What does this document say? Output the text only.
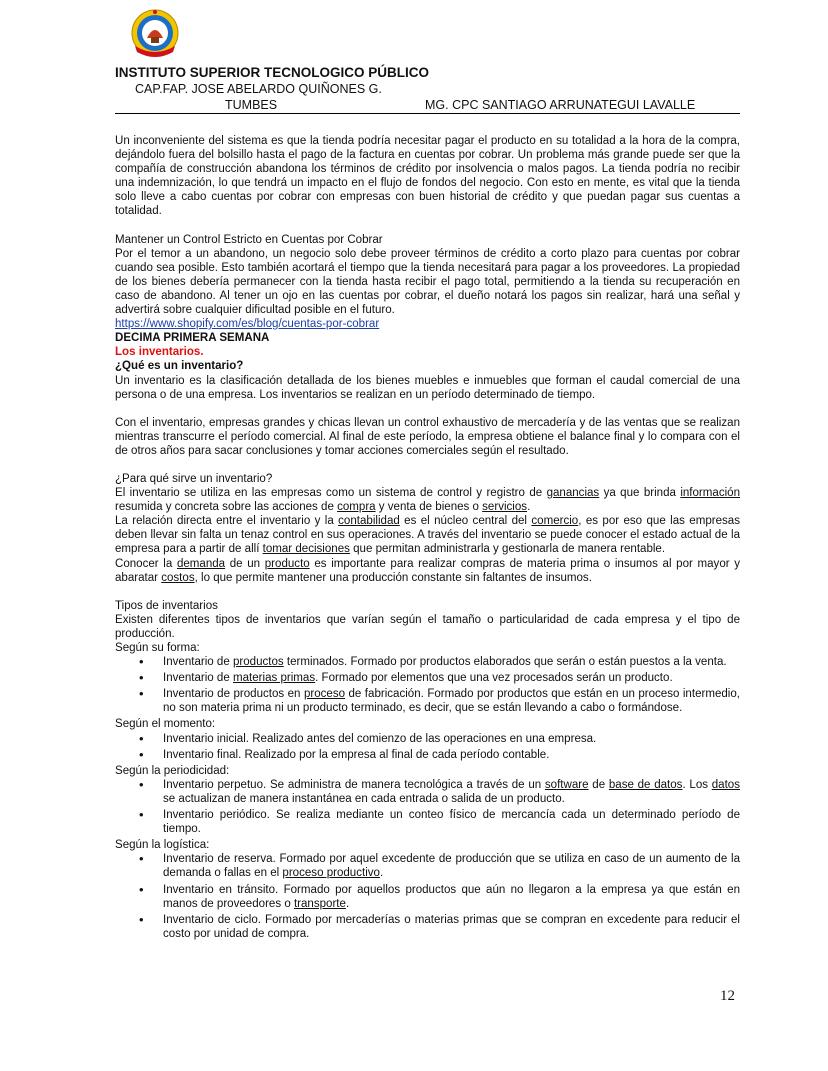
INSTITUTO SUPERIOR TECNOLOGICO PÚBLICO
CAP.FAP. JOSE ABELARDO QUIÑONES G.
TUMBES	MG. CPC SANTIAGO ARRUNATEGUI LAVALLE

Un inconveniente del sistema es que la tienda podría necesitar pagar el producto en su totalidad a la hora de la compra, dejándolo fuera del bolsillo hasta el pago de la factura en cuentas por cobrar. Un problema más grande puede ser que la compañía de construcción abandona los términos de crédito por insolvencia o malos pagos. La tienda podría no recibir una indemnización, lo que tendrá un impacto en el flujo de fondos del negocio. Con esto en mente, es vital que la tienda solo lleve a cabo cuentas por cobrar con empresas con buen historial de crédito y que puedan pagar sus cuentas a totalidad.

Mantener un Control Estricto en Cuentas por Cobrar

Por el temor a un abandono, un negocio solo debe proveer términos de crédito a corto plazo para cuentas por cobrar cuando sea posible. Esto también acortará el tiempo que la tienda necesitará para pagar a los proveedores. La propiedad de los bienes debería permanecer con la tienda hasta recibir el pago total, permitiendo a la tienda su recuperación en caso de abandono. Al tener un ojo en las cuentas por cobrar, el dueño notará los pagos sin realizar, hará una señal y advertirá sobre cualquier dificultad posible en el futuro.

https://www.shopify.com/es/blog/cuentas-por-cobrar

DECIMA PRIMERA SEMANA

Los inventarios.

¿Qué es un inventario?

Un inventario es la clasificación detallada de los bienes muebles e inmuebles que forman el caudal comercial de una persona o de una empresa. Los inventarios se realizan en un período determinado de tiempo.

Con el inventario, empresas grandes y chicas llevan un control exhaustivo de mercadería y de las ventas que se realizan mientras transcurre el período comercial. Al final de este período, la empresa obtiene el balance final y lo compara con el de otros años para sacar conclusiones y tomar acciones comerciales según el resultado.

¿Para qué sirve un inventario?

El inventario se utiliza en las empresas como un sistema de control y registro de ganancias ya que brinda información resumida y concreta sobre las acciones de compra y venta de bienes o servicios.

La relación directa entre el inventario y la contabilidad es el núcleo central del comercio, es por eso que las empresas deben llevar sin falta un tenaz control en sus operaciones. A través del inventario se puede conocer el estado actual de la empresa para a partir de allí tomar decisiones que permitan administrarla y gestionarla de manera rentable.

Conocer la demanda de un producto es importante para realizar compras de materia prima o insumos al por mayor y abaratar costos, lo que permite mantener una producción constante sin faltantes de insumos.

Tipos de inventarios

Existen diferentes tipos de inventarios que varían según el tamaño o particularidad de cada empresa y el tipo de producción.

Según su forma:

• Inventario de productos terminados. Formado por productos elaborados que serán o están puestos a la venta.
• Inventario de materias primas. Formado por elementos que una vez procesados serán un producto.
• Inventario de productos en proceso de fabricación. Formado por productos que están en un proceso intermedio, no son materia prima ni un producto terminado, es decir, que se están llevando a cabo o formándose.

Según el momento:

• Inventario inicial. Realizado antes del comienzo de las operaciones en una empresa.
• Inventario final. Realizado por la empresa al final de cada período contable.

Según la periodicidad:

• Inventario perpetuo. Se administra de manera tecnológica a través de un software de base de datos. Los datos se actualizan de manera instantánea en cada entrada o salida de un producto.
• Inventario periódico. Se realiza mediante un conteo físico de mercancía cada un determinado período de tiempo.

Según la logística:

• Inventario de reserva. Formado por aquel excedente de producción que se utiliza en caso de un aumento de la demanda o fallas en el proceso productivo.
• Inventario en tránsito. Formado por aquellos productos que aún no llegaron a la empresa ya que están en manos de proveedores o transporte.
• Inventario de ciclo. Formado por mercaderías o materias primas que se compran en excedente para reducir el costo por unidad de compra.
12
